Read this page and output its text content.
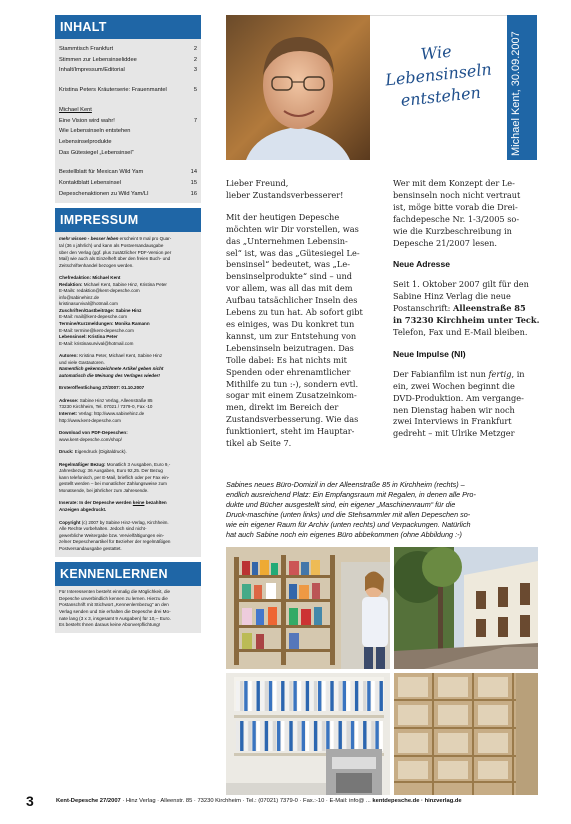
INHALT
Stammtisch Frankfurt	2
Stimmen zur Lebensinseliddee	2
Inhalt/Impressum/Editorial	3
Kristina Peters Kräuterserie: Frauenmantel	5
Michael Kent
Eine Vision wird wahr!	7
Wie Lebensinseln entstehen
Lebensinselprodukte
Das Gütesiegel „Lebensinsel“
Bestellblatt für Mexican Wild Yam	14
Kontaktblatt Lebensinsel	15
Depeschenaktionen zu Wild Yam/LI	16
IMPRESSUM

mehr wissen - besser leben erscheint 9 mal pro Quar-
tal (36 x jährlich) und kann als Postversandausgabe
über den Verlag (ggf. plus zusätzlicher PDF-Version per
Mail) wie auch als Einzelheft über den freien Buch- und
Zeitschriftenhandel bezogen werden.

Chefredaktion: Michael Kent
Redaktion: Michael Kent, Sabine Hinz, Kristina Peter
E-Mails: redaktion@kent-depesche.com
info@sabinehinz.de
kristinasurvival@hotmail.com
Zuschriften/Gastbeiträge: Sabine Hinz
E-Mail: mail@kent-depesche.com
Termine/Kurzmeldungen: Monika Ramann
E-Mail: termine@kent-depesche.com
Lebensinsel: Kristina Peter
E-Mail: kristinasurvival@hotmail.com

Autoren: Kristina Peter, Michael Kent, Sabine Hinz
und viele Gastautoren.
Namentlich gekennzeichnete Artikel geben nicht
automatisch die Meinung des Verlages wieder!

Ersteröffentlichung 27/2007: 01.10.2007

Adresse: Sabine Hinz Verlag, Alleenstraße 85
73230 Kirchheim, Tel. 07021 / 7379-0, Fax -10
Internet: Verlag: http://www.sabinehinz.de
http://www.kent-depesche.com

Download von PDF-Depeschen:
www.kent-depesche.com/shop/

Druck: Eigendruck (Digitaldruck).

Regelmäßiger Bezug: Monatlich 3 Ausgaben, Euro 9,-
Jahresbezug: 36 Ausgaben, Euro 92,25. Der Bezug
kann telefonisch, per E-Mail, brieflich oder per Fax ein-
gestellt werden – bei monatlicher Zahlungsweise zum
Monatsende, bei jährlicher zum Jahresende.

Inserate: In der Depesche werden keine bezahlten
Anzeigen abgedruckt.

Copyright (c) 2007 by Sabine Hinz-Verlag, Kirchheim.
Alle Rechte vorbehalten. Jedoch sind nicht-
gewerbliche Weitergabe bzw. Vervielfältigungen ein-
zelner Depeschenartikel für Bezieher der regelmäßigen
Postversandausgabe gestattet.

KENNENLERNEN
Für Interessenten besteht einmalig die Möglichkeit, die
Depesche unverbindlich kennen zu lernen. Hierzu die
Postanschrift mit Stichwort „Kennenlernbezug“ an den
Verlag senden und Sie erhalten die Depesche drei Mo-
nate lang (3 x 3, insgesamt 9 Ausgaben) für 10,-- Euro.
Es besteht Ihnen daraus keine Abonverpflichtung!
Wie
Lebensinseln
entstehen	Michael Kent, 30.09.2007

Lieber Freund,
lieber Zustandsverbesserer!

Mit der heutigen Depesche
möchten wir Dir vorstellen, was
das „Unternehmen Lebensin-
sel“ ist, was das „Gütesiegel Le-
bensinsel“ bedeutet, was „Le-
bensinselprodukte“ sind – und
vor allem, was all das mit dem
Aufbau tatsächlicher Inseln des
Lebens zu tun hat. Ab sofort gibt
es einiges, was Du konkret tun
kannst, um zur Entstehung von
Lebensinseln beizutragen. Das
Tolle dabei: Es hat nichts mit
Spenden oder ehrenamtlicher
Mithilfe zu tun :-), sondern evtl.
sogar mit einem Zusatzeinkom-
men, direkt im Bereich der
Zustandsverbesserung. Wie das
funktioniert, steht im Hauptar-
tikel ab Seite 7.

Wer mit dem Konzept der Le-
bensinseln noch nicht vertraut
ist, möge bitte vorab die Drei-
fachdepesche Nr. 1-3/2005 so-
wie die Kurzbeschreibung in
Depesche 21/2007 lesen.

Neue Adresse

Seit 1. Oktober 2007 gilt für den
Sabine Hinz Verlag die neue
Postanschrift: Alleenstraße 85
in 73230 Kirchheim unter Teck.
Telefon, Fax und E-Mail bleiben.

Neue Impulse (NI)

Der Fabianfilm ist nun fertig, in
ein, zwei Wochen beginnt die
DVD-Produktion. Am vergange-
nen Dienstag haben wir noch
zwei Interviews in Frankfurt
gedreht – mit Ulrike Metzger

Sabines neues Büro-Domizil in der Alleenstraße 85 in Kirchheim (rechts) –
endlich ausreichend Platz: Ein Empfangsraum mit Regalen, in denen alle Pro-
dukte und Bücher ausgestellt sind, ein eigener „Maschinenraum“ für die
Druck-maschine (unten links) und die Stehsammler mit allen Depeschen so-
wie ein eigener Raum für Archiv (unten rechts) und Verpackungen. Natürlich
hat auch Sabine noch ein eigenes Büro abbekommen (ohne Abbildung :-)
3	Kent-Depesche 27/2007 · Hinz Verlag · Alleenstr. 85 · 73230 Kirchheim · Tel.: (07021) 7379-0 · Fax.:-10 · E-Mail: info@ ... kentdepesche.de · hinzverlag.de
